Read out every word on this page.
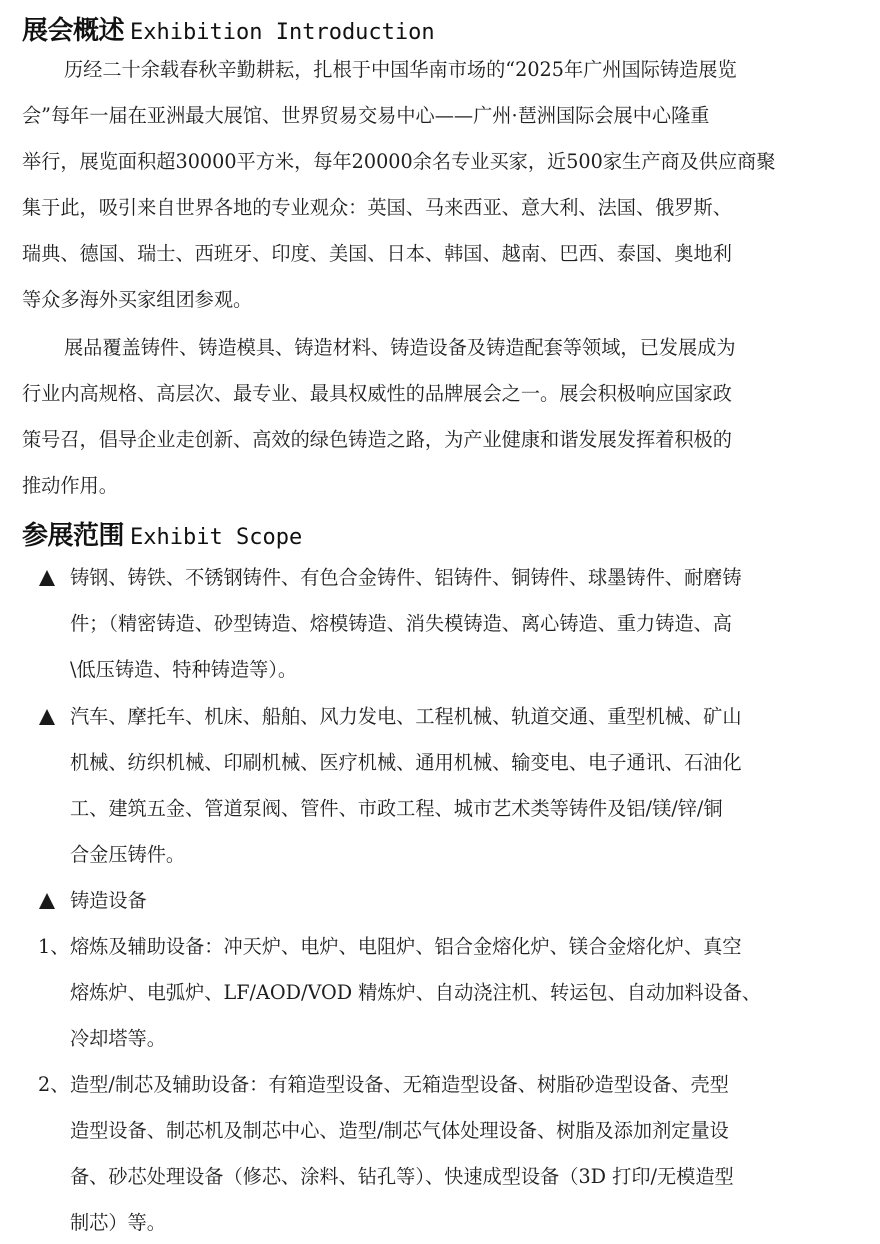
展会概述 Exhibition Introduction
历经二十余载春秋辛勤耕耘，扎根于中国华南市场的“2025年广州国际铸造展览
会”每年一届在亚洲最大展馆、世界贸易交易中心——广州·琶洲国际会展中心隆重
举行，展览面积超30000平方米，每年20000余名专业买家，近500家生产商及供应商聚
集于此，吸引来自世界各地的专业观众：英国、马来西亚、意大利、法国、俄罗斯、
瑞典、德国、瑞士、西班牙、印度、美国、日本、韩国、越南、巴西、泰国、奥地利
等众多海外买家组团参观。
展品覆盖铸件、铸造模具、铸造材料、铸造设备及铸造配套等领域，已发展成为
行业内高规格、高层次、最专业、最具权威性的品牌展会之一。展会积极响应国家政
策号召，倡导企业走创新、高效的绿色铸造之路，为产业健康和谐发展发挥着积极的
推动作用。
参展范围 Exhibit Scope
铸钢、铸铁、不锈钢铸件、有色合金铸件、铝铸件、铜铸件、球墨铸件、耐磨铸
件；（精密铸造、砂型铸造、熔模铸造、消失模铸造、离心铸造、重力铸造、高
\低压铸造、特种铸造等）。
汽车、摩托车、机床、船舶、风力发电、工程机械、轨道交通、重型机械、矿山
机械、纺织机械、印刷机械、医疗机械、通用机械、输变电、电子通讯、石油化
工、建筑五金、管道泵阀、管件、市政工程、城市艺术类等铸件及铝/镁/锌/铜
合金压铸件。
铸造设备
1、 熔炼及辅助设备：冲天炉、电炉、电阻炉、铝合金熔化炉、镁合金熔化炉、真空
熔炼炉、电弧炉、LF/AOD/VOD 精炼炉、自动浇注机、转运包、自动加料设备、
冷却塔等。
2、 造型/制芯及辅助设备：有箱造型设备、无箱造型设备、树脂砂造型设备、壳型
造型设备、制芯机及制芯中心、造型/制芯气体处理设备、树脂及添加剂定量设
备、砂芯处理设备（修芯、涂料、钻孔等）、快速成型设备（3D 打印/无模造型
制芯）等。
